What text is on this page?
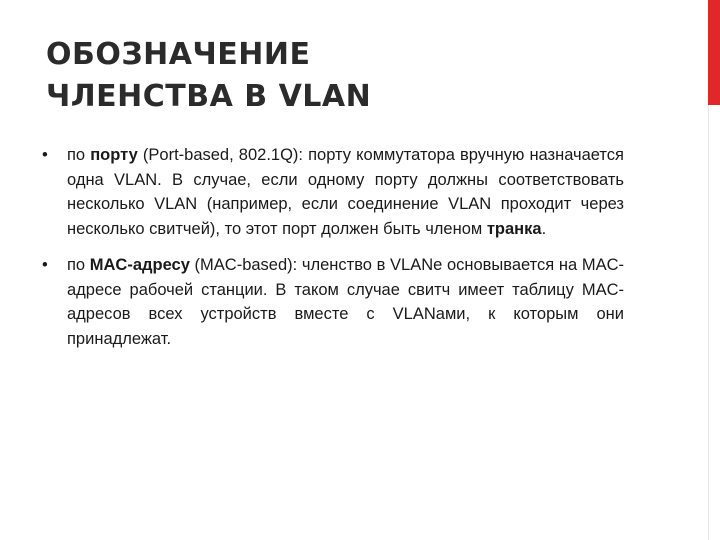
ОБОЗНАЧЕНИЕ
ЧЛЕНСТВА В VLAN
• по порту (Port-based, 802.1Q): порту коммутатора вручную назначается одна VLAN. В случае, если одному порту должны соответствовать несколько VLAN (например, если соединение VLAN проходит через несколько свитчей), то этот порт должен быть членом транка.
• по MAC-адресу (MAC-based): членство в VLANе основывается на MAC-адресе рабочей станции. В таком случае свитч имеет таблицу MAC-адресов всех устройств вместе с VLANами, к которым они принадлежат.
